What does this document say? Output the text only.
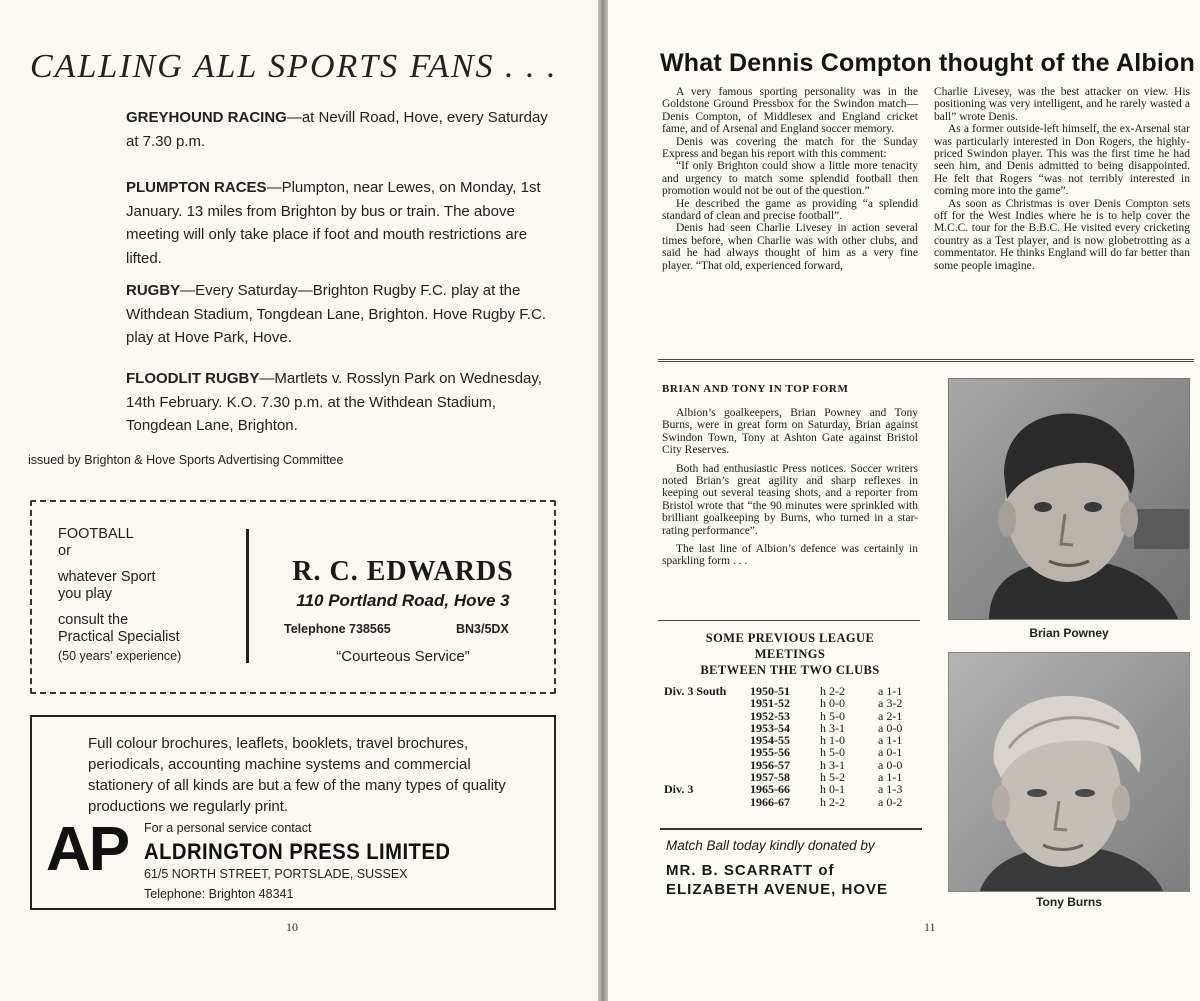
CALLING ALL SPORTS FANS . . .
GREYHOUND RACING—at Nevill Road, Hove, every Saturday at 7.30 p.m.
PLUMPTON RACES—Plumpton, near Lewes, on Monday, 1st January. 13 miles from Brighton by bus or train. The above meeting will only take place if foot and mouth restrictions are lifted.
RUGBY—Every Saturday—Brighton Rugby F.C. play at the Withdean Stadium, Tongdean Lane, Brighton. Hove Rugby F.C. play at Hove Park, Hove.
FLOODLIT RUGBY—Martlets v. Rosslyn Park on Wednesday, 14th February. K.O. 7.30 p.m. at the Withdean Stadium, Tongdean Lane, Brighton.
issued by Brighton & Hove Sports Advertising Committee
FOOTBALL
or
whatever Sport
you play
consult the
Practical Specialist
(50 years' experience)
R. C. EDWARDS
110 Portland Road, Hove 3
Telephone 738565	BN3/5DX
“Courteous Service”
Full colour brochures, leaflets, booklets, travel brochures, periodicals, accounting machine systems and commercial stationery of all kinds are but a few of the many types of quality productions we regularly print.
AP For a personal service contact
ALDRINGTON PRESS LIMITED
61/5 NORTH STREET, PORTSLADE, SUSSEX
Telephone: Brighton 48341
10
What Dennis Compton thought of the Albion

A very famous sporting personality was in the Goldstone Ground Pressbox for the Swindon match—Denis Compton, of Middlesex and England cricket fame, and of Arsenal and England soccer memory.

Denis was covering the match for the Sunday Express and began his report with this comment:

“If only Brighton could show a little more tenacity and urgency to match some splendid football then promotion would not be out of the question.”

He described the game as providing “a splendid standard of clean and precise football”.

Denis had seen Charlie Livesey in action several times before, when Charlie was with other clubs, and said he had always thought of him as a very fine player. “That old, experienced forward,

Charlie Livesey, was the best attacker on view. His positioning was very intelligent, and he rarely wasted a ball” wrote Denis.

As a former outside-left himself, the ex-Arsenal star was particularly interested in Don Rogers, the highly-priced Swindon player. This was the first time he had seen him, and Denis admitted to being disappointed. He felt that Rogers “was not terribly interested in coming more into the game”.

As soon as Christmas is over Denis Compton sets off for the West Indies where he is to help cover the M.C.C. tour for the B.B.C. He visited every cricketing country as a Test player, and is now globetrotting as a commentator. He thinks England will do far better than some people imagine.

BRIAN AND TONY IN TOP FORM

Albion’s goalkeepers, Brian Powney and Tony Burns, were in great form on Saturday, Brian against Swindon Town, Tony at Ashton Gate against Bristol City Reserves.

Both had enthusiastic Press notices. Soccer writers noted Brian’s great agility and sharp reflexes in keeping out several teasing shots, and a reporter from Bristol wrote that “the 90 minutes were sprinkled with brilliant goalkeeping by Burns, who turned in a star-rating performance”.

The last line of Albion’s defence was certainly in sparkling form . . .

SOME PREVIOUS LEAGUE
MEETINGS
BETWEEN THE TWO CLUBS
Div. 3 South	1950-51	h 2-2	a 1-1
	1951-52	h 0-0	a 3-2
	1952-53	h 5-0	a 2-1
	1953-54	h 3-1	a 0-0
	1954-55	h 1-0	a 1-1
	1955-56	h 5-0	a 0-1
	1956-57	h 3-1	a 0-0
	1957-58	h 5-2	a 1-1
Div. 3	1965-66	h 0-1	a 1-3
	1966-67	h 2-2	a 0-2
Match Ball today kindly donated by
MR. B. SCARRATT of
ELIZABETH AVENUE, HOVE
Brian Powney
Tony Burns
11
